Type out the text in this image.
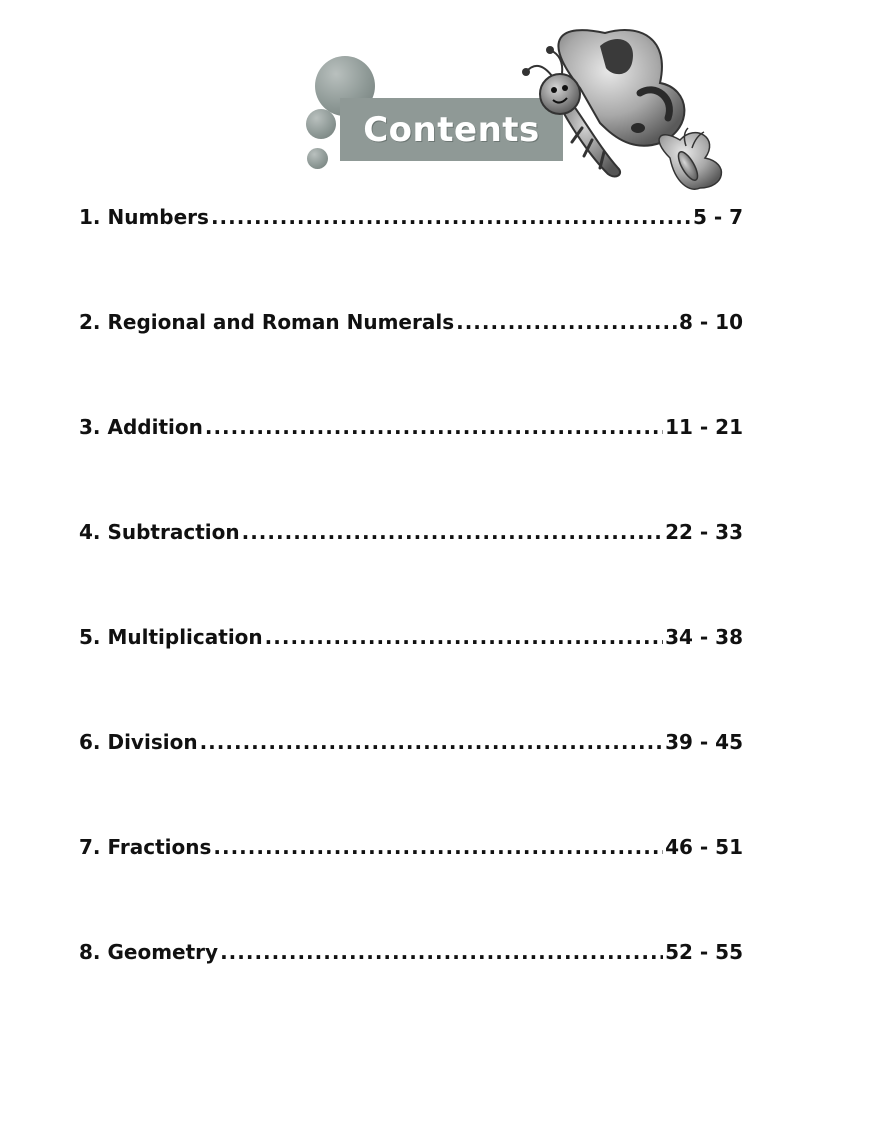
Contents
1. Numbers .....	5 - 7
2. Regional and Roman Numerals .....	8 - 10
3. Addition .....	11 - 21
4. Subtraction .....	22 - 33
5. Multiplication .....	34 - 38
6. Division .....	39 - 45
7. Fractions .....	46 - 51
8. Geometry .....	52 - 55
